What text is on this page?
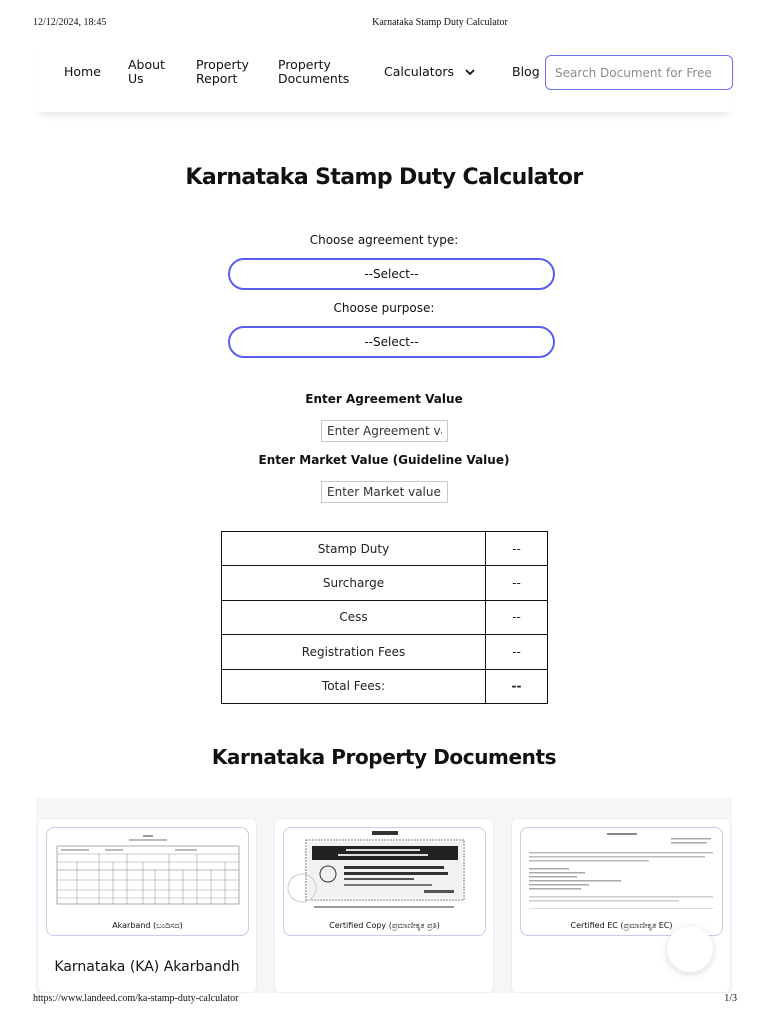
12/12/2024, 18:45	Karnataka Stamp Duty Calculator
Home About
Us
Property
Report
Property
Documents	Calculators	Blog
Search Document for Free
Karnataka Stamp Duty Calculator
Choose agreement type:
--Select--
Choose purpose:
--Select--
Enter Agreement Value
Enter Agreement val
Enter Market Value (Guideline Value)
Enter Market value
Stamp Duty	--
Surcharge	--
Cess	--
Registration Fees	--
Total Fees:	--
Karnataka Property Documents
Akarband (ಬಂದಿಸದ)
Karnataka (KA) Akarbandh
Certified Copy (ಪ್ರಮಾಣೀಕೃತ ಪ್ರತಿ)	Certified EC (ಪ್ರಮಾಣೀಕೃತ EC)
https://www.landeed.com/ka-stamp-duty-calculator	1/3
